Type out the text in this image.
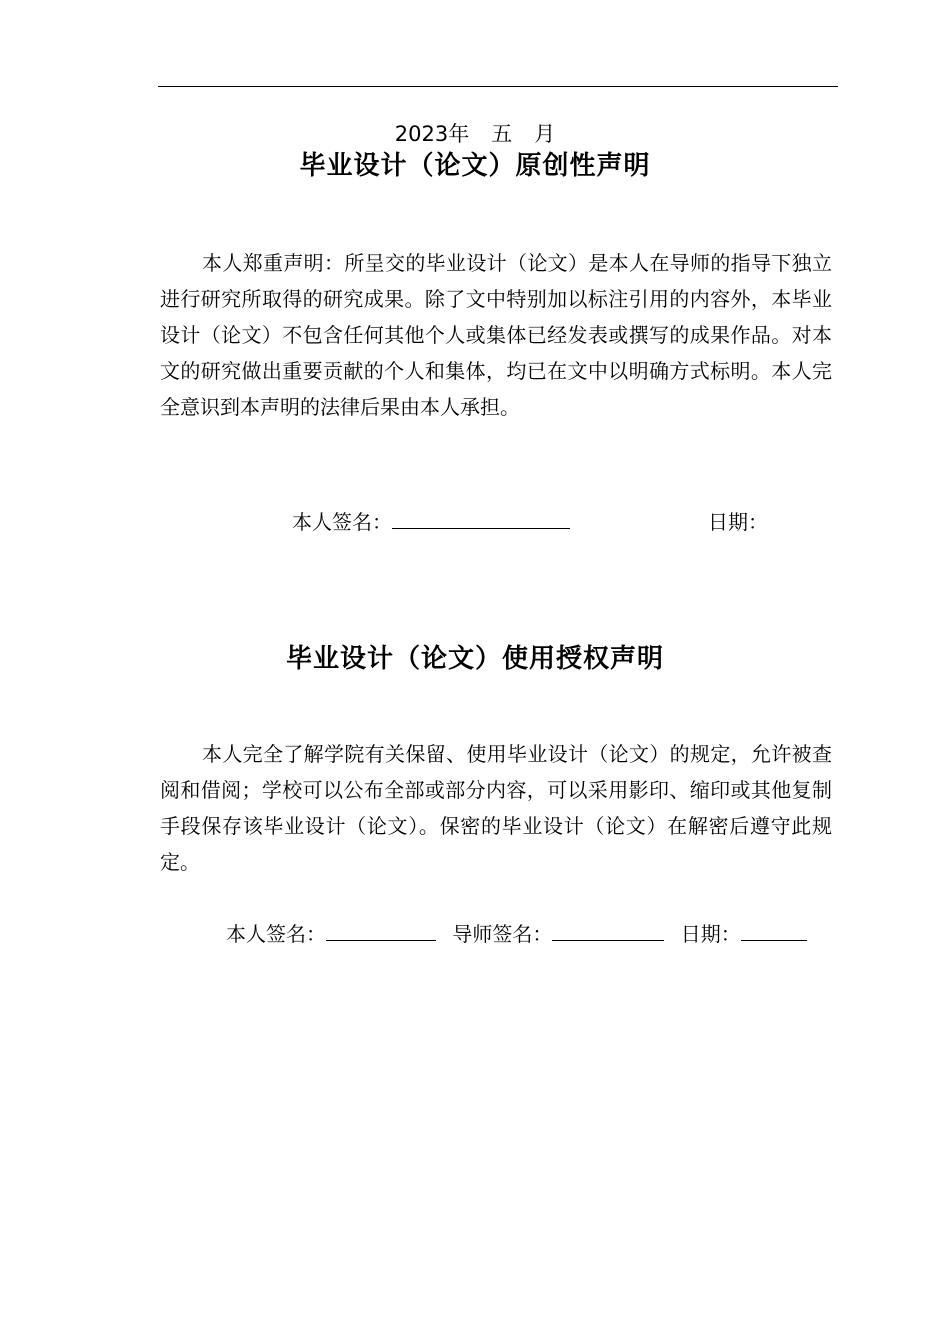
2023年 五 月
毕业设计（论文）原创性声明

本人郑重声明：所呈交的毕业设计（论文）是本人在导师的指导下独立进行研究所取得的研究成果。除了文中特别加以标注引用的内容外，本毕业设计（论文）不包含任何其他个人或集体已经发表或撰写的成果作品。对本文的研究做出重要贡献的个人和集体，均已在文中以明确方式标明。本人完全意识到本声明的法律后果由本人承担。

本人签名：	日期：
毕业设计（论文）使用授权声明

本人完全了解学院有关保留、使用毕业设计（论文）的规定，允许被查阅和借阅；学校可以公布全部或部分内容，可以采用影印、缩印或其他复制手段保存该毕业设计（论文）。保密的毕业设计（论文）在解密后遵守此规定。

本人签名：	导师签名：	日期：
